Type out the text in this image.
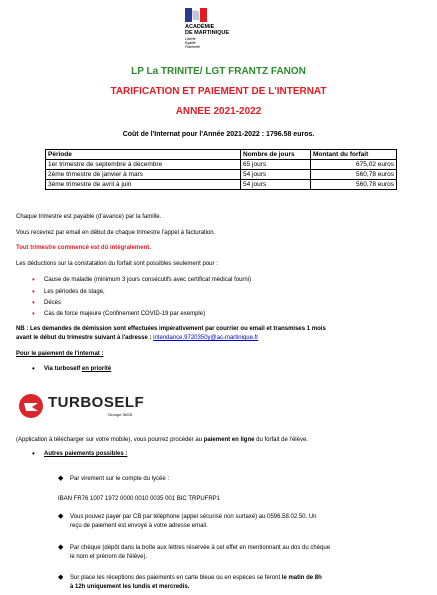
ACADÉMIE
DE MARTINIQUE
Liberté
Égalité
Fraternité
LP La TRINITE/ LGT FRANTZ FANON
TARIFICATION ET PAIEMENT DE L'INTERNAT
ANNEE 2021-2022
Coût de l'Internat pour l'Année 2021-2022 : 1796.58 euros.
Période	Nombre de jours	Montant du forfait
1er trimestre de septembre à décembre	65 jours	675,02 euros
2ème trimestre de janvier à mars	54 jours	560,78 euros
3ème trimestre de avril à juin	54 jours	560,78 euros
Chaque trimestre est payable (d'avance) par la famille.
Vous recevrez par email en début de chaque trimestre l'appel à facturation.
Tout trimestre commencé est dû intégralement.
Les déductions sur la constatation du forfait sont possibles seulement pour :
• Cause de maladie (minimum 3 jours consécutifs avec certificat médical fourni)
• Les périodes de stage,
• Décès
• Cas de force majeure (Confinement COVID-19 par exemple)
NB : Les demandes de démission sont effectuées impérativement par courrier ou email et transmises 1 mois
avant le début du trimestre suivant à l'adresse : intendance.9720350y@ac-martinique.fr
Pour le paiement de l'internat :
• Via turboself en priorité
TURBOSELF
Groupe INCB
(Application à télécharger sur votre mobile), vous pourrez procéder au paiement en ligne du forfait de l'élève.
• Autres paiements possibles :
◆ Par virement sur le compte du lycée :
IBAN FR76 1007 1972 0000 0010 0035 001 BIC TRPUFRP1
◆ Vous pouvez payer par CB par téléphone (appel sécurisé non surtaxé) au 0596.58.02.50. Un
reçu de paiement est envoyé à votre adresse email.
◆ Par chèque (dépôt dans la boîte aux lettres réservée à cet effet en mentionnant au dos du chèque
le nom et prénom de l'élève).
◆ Sur place les réceptions des paiements en carte bleue ou en espèces se feront le matin de 8h
à 12h uniquement les lundis et mercredis.
